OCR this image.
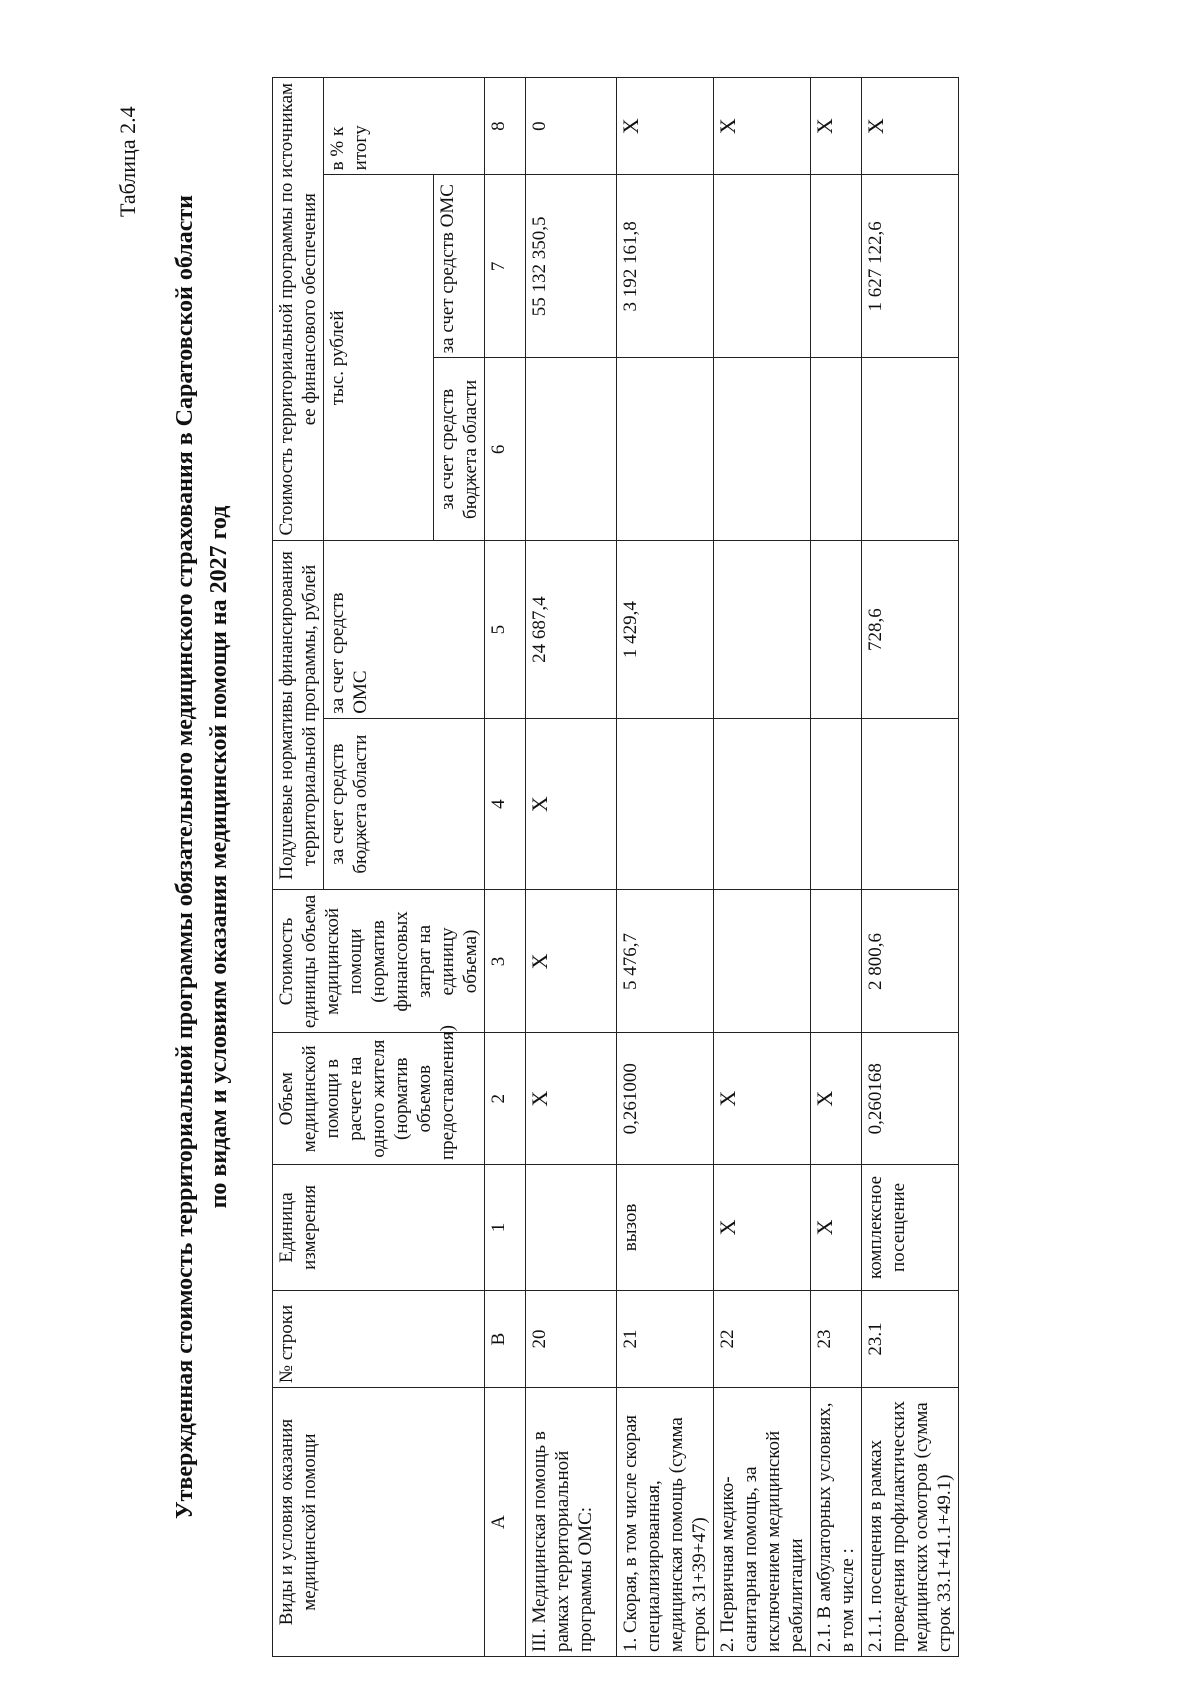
Таблица 2.4
Утвержденная стоимость территориальной программы обязательного медицинского страхования в Саратовской области по видам и условиям оказания медицинской помощи на 2027 год
Виды и условия оказания медицинской помощи	№ строки	Единица измерения	Объем медицинской помощи в расчете на одного жителя (норматив объемов предоставления)	Стоимость единицы объема медицинской помощи (норматив финансовых затрат на единицу объема)	Подушевые нормативы финансирования территориальной программы, рублей		Стоимость территориальной программы по источникам ее финансового обеспечения		
					за счет средств бюджета области	за счет средств ОМС	тыс. рублей		в % к итогу
							за счет средств бюджета области	за счет средств ОМС	
А	В	1	2	3	4	5	6	7	8
III. Медицинская помощь в рамках территориальной программы ОМС:	20		Х	Х	Х	24 687,4		55 132 350,5	0
1. Скорая, в том числе скорая специализированная, медицинская помощь (сумма строк 31+39+47)	21	вызов	0,261000	5 476,7		1 429,4		3 192 161,8	Х
2. Первичная медико-санитарная помощь, за исключением медицинской реабилитации	22	Х	Х						Х
2.1. В амбулаторных условиях, в том числе :	23	Х	Х						Х
2.1.1. посещения в рамках проведения профилактических медицинских осмотров (сумма строк 33.1+41.1+49.1)	23.1	комплексное посещение	0,260168	2 800,6		728,6		1 627 122,6	Х
